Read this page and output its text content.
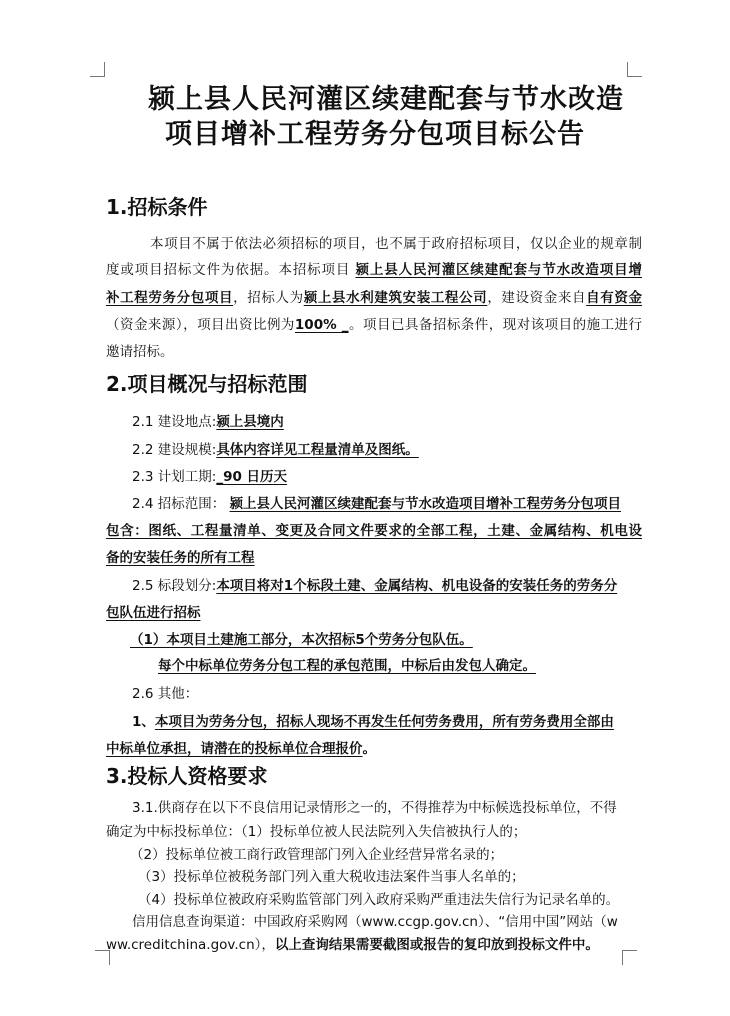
颍上县人民河灌区续建配套与节水改造
项目增补工程劳务分包项目标公告
1.招标条件
本项目不属于依法必须招标的项目，也不属于政府招标项目，仅以企业的规章制
度或项目招标文件为依据。本招标项目 颍上县人民河灌区续建配套与节水改造项目增
补工程劳务分包项目，招标人为颍上县水利建筑安装工程公司，建设资金来自自有资金
（资金来源），项目出资比例为100% _。项目已具备招标条件，现对该项目的施工进行
邀请招标。
2.项目概况与招标范围
2.1 建设地点:颍上县境内
2.2 建设规模:具体内容详见工程量清单及图纸。
2.3 计划工期:_90 日历天
2.4 招标范围： 颍上县人民河灌区续建配套与节水改造项目增补工程劳务分包项目
包含：图纸、工程量清单、变更及合同文件要求的全部工程，土建、金属结构、机电设
备的安装任务的所有工程
2.5 标段划分:本项目将对1个标段土建、金属结构、机电设备的安装任务的劳务分
包队伍进行招标
（1）本项目土建施工部分，本次招标5个劳务分包队伍。
每个中标单位劳务分包工程的承包范围，中标后由发包人确定。
2.6 其他：
1、本项目为劳务分包，招标人现场不再发生任何劳务费用，所有劳务费用全部由
中标单位承担，请潜在的投标单位合理报价。
3.投标人资格要求
3.1.供商存在以下不良信用记录情形之一的，不得推荐为中标候选投标单位，不得
确定为中标投标单位：（1）投标单位被人民法院列入失信被执行人的；
（2）投标单位被工商行政管理部门列入企业经营异常名录的；
（3）投标单位被税务部门列入重大税收违法案件当事人名单的；
（4）投标单位被政府采购监管部门列入政府采购严重违法失信行为记录名单的。
信用信息查询渠道：中国政府采购网（www.ccgp.gov.cn）、“信用中国”网站（w
ww.creditchina.gov.cn），以上查询结果需要截图或报告的复印放到投标文件中。
